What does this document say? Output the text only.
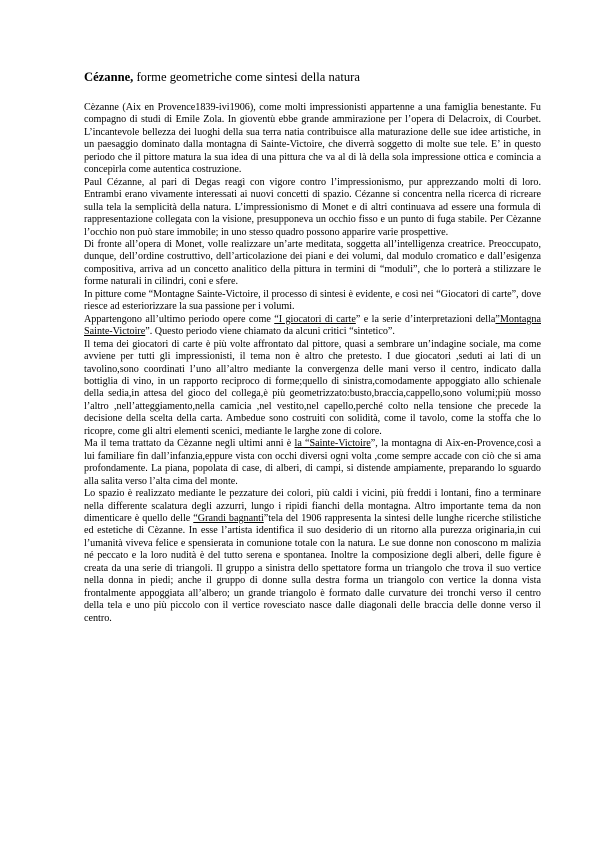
Cézanne, forme geometriche come sintesi della natura

Cèzanne (Aix en Provence1839-ivi1906), come molti impressionisti appartenne a una famiglia benestante. Fu compagno di studi di Emile Zola. In gioventù ebbe grande ammirazione per l’opera di Delacroix, di Courbet. L’incantevole bellezza dei luoghi della sua terra natia contribuisce alla maturazione delle sue idee artistiche, in un paesaggio dominato dalla montagna di Sainte-Victoire, che diverrà soggetto di molte sue tele. E’ in questo periodo che il pittore matura la sua idea di una pittura che va al di là della sola impressione ottica e comincia a concepirla come autentica costruzione.

Paul Cézanne, al pari di Degas reagì con vigore contro l’impressionismo, pur apprezzando molti di loro. Entrambi erano vivamente interessati ai nuovi concetti di spazio. Cézanne si concentra nella ricerca di ricreare sulla tela la semplicità della natura. L’impressionismo di Monet e di altri continuava ad essere una formula di rappresentazione collegata con la visione, presupponeva un occhio fisso e un punto di fuga stabile. Per Cèzanne l’occhio non può stare immobile; in uno stesso quadro possono apparire varie prospettive.

Di fronte all’opera di Monet, volle realizzare un’arte meditata, soggetta all’intelligenza creatrice. Preoccupato, dunque, dell’ordine costruttivo, dell’articolazione dei piani e dei volumi, dal modulo cromatico e dall’esigenza compositiva, arriva ad un concetto analitico della pittura in termini di “moduli”, che lo porterà a stilizzare le forme naturali in cilindri, coni e sfere.

In pitture come “Montagne Sainte-Victoire, il processo di sintesi è evidente, e così nei “Giocatori di carte”, dove riesce ad esteriorizzare la sua passione per i volumi.

Appartengono all’ultimo periodo opere come “I giocatori di carte” e la serie d’interpretazioni della”Montagna Sainte-Victoire”. Questo periodo viene chiamato da alcuni critici “sintetico”.

Il tema dei giocatori di carte è più volte affrontato dal pittore, quasi a sembrare un’indagine sociale, ma come avviene per tutti gli impressionisti, il tema non è altro che pretesto. I due giocatori ,seduti ai lati di un tavolino,sono coordinati l’uno all’altro mediante la convergenza delle mani verso il centro, indicato dalla bottiglia di vino, in un rapporto reciproco di forme;quello di sinistra,comodamente appoggiato allo schienale della sedia,in attesa del gioco del collega,è più geometrizzato:busto,braccia,cappello,sono volumi;più mosso l’altro ,nell’atteggiamento,nella camicia ,nel vestito,nel capello,perché colto nella tensione che precede la decisione della scelta della carta. Ambedue sono costruiti con solidità, come il tavolo, come la stoffa che lo ricopre, come gli altri elementi scenici, mediante le larghe zone di colore.

Ma il tema trattato da Cèzanne negli ultimi anni è la “Sainte-Victoire”, la montagna di Aix-en-Provence,così a lui familiare fin dall’infanzia,eppure vista con occhi diversi ogni volta ,come sempre accade con ciò che si ama profondamente. La piana, popolata di case, di alberi, di campi, si distende ampiamente, preparando lo sguardo alla salita verso l’alta cima del monte.

Lo spazio è realizzato mediante le pezzature dei colori, più caldi i vicini, più freddi i lontani, fino a terminare nella differente scalatura degli azzurri, lungo i ripidi fianchi della montagna. Altro importante tema da non dimenticare è quello delle “Grandi bagnanti”tela del 1906 rappresenta la sintesi delle lunghe ricerche stilistiche ed estetiche di Cèzanne. In esse l’artista identifica il suo desiderio di un ritorno alla purezza originaria,in cui l’umanità viveva felice e spensierata in comunione totale con la natura. Le sue donne non conoscono m malizia né peccato e la loro nudità è del tutto serena e spontanea. Inoltre la composizione degli alberi, delle figure è creata da una serie di triangoli. Il gruppo a sinistra dello spettatore forma un triangolo che trova il suo vertice nella donna in piedi; anche il gruppo di donne sulla destra forma un triangolo con vertice la donna vista frontalmente appoggiata all’albero; un grande triangolo è formato dalle curvature dei tronchi verso il centro della tela e uno più piccolo con il vertice rovesciato nasce dalle diagonali delle braccia delle donne verso il centro.
